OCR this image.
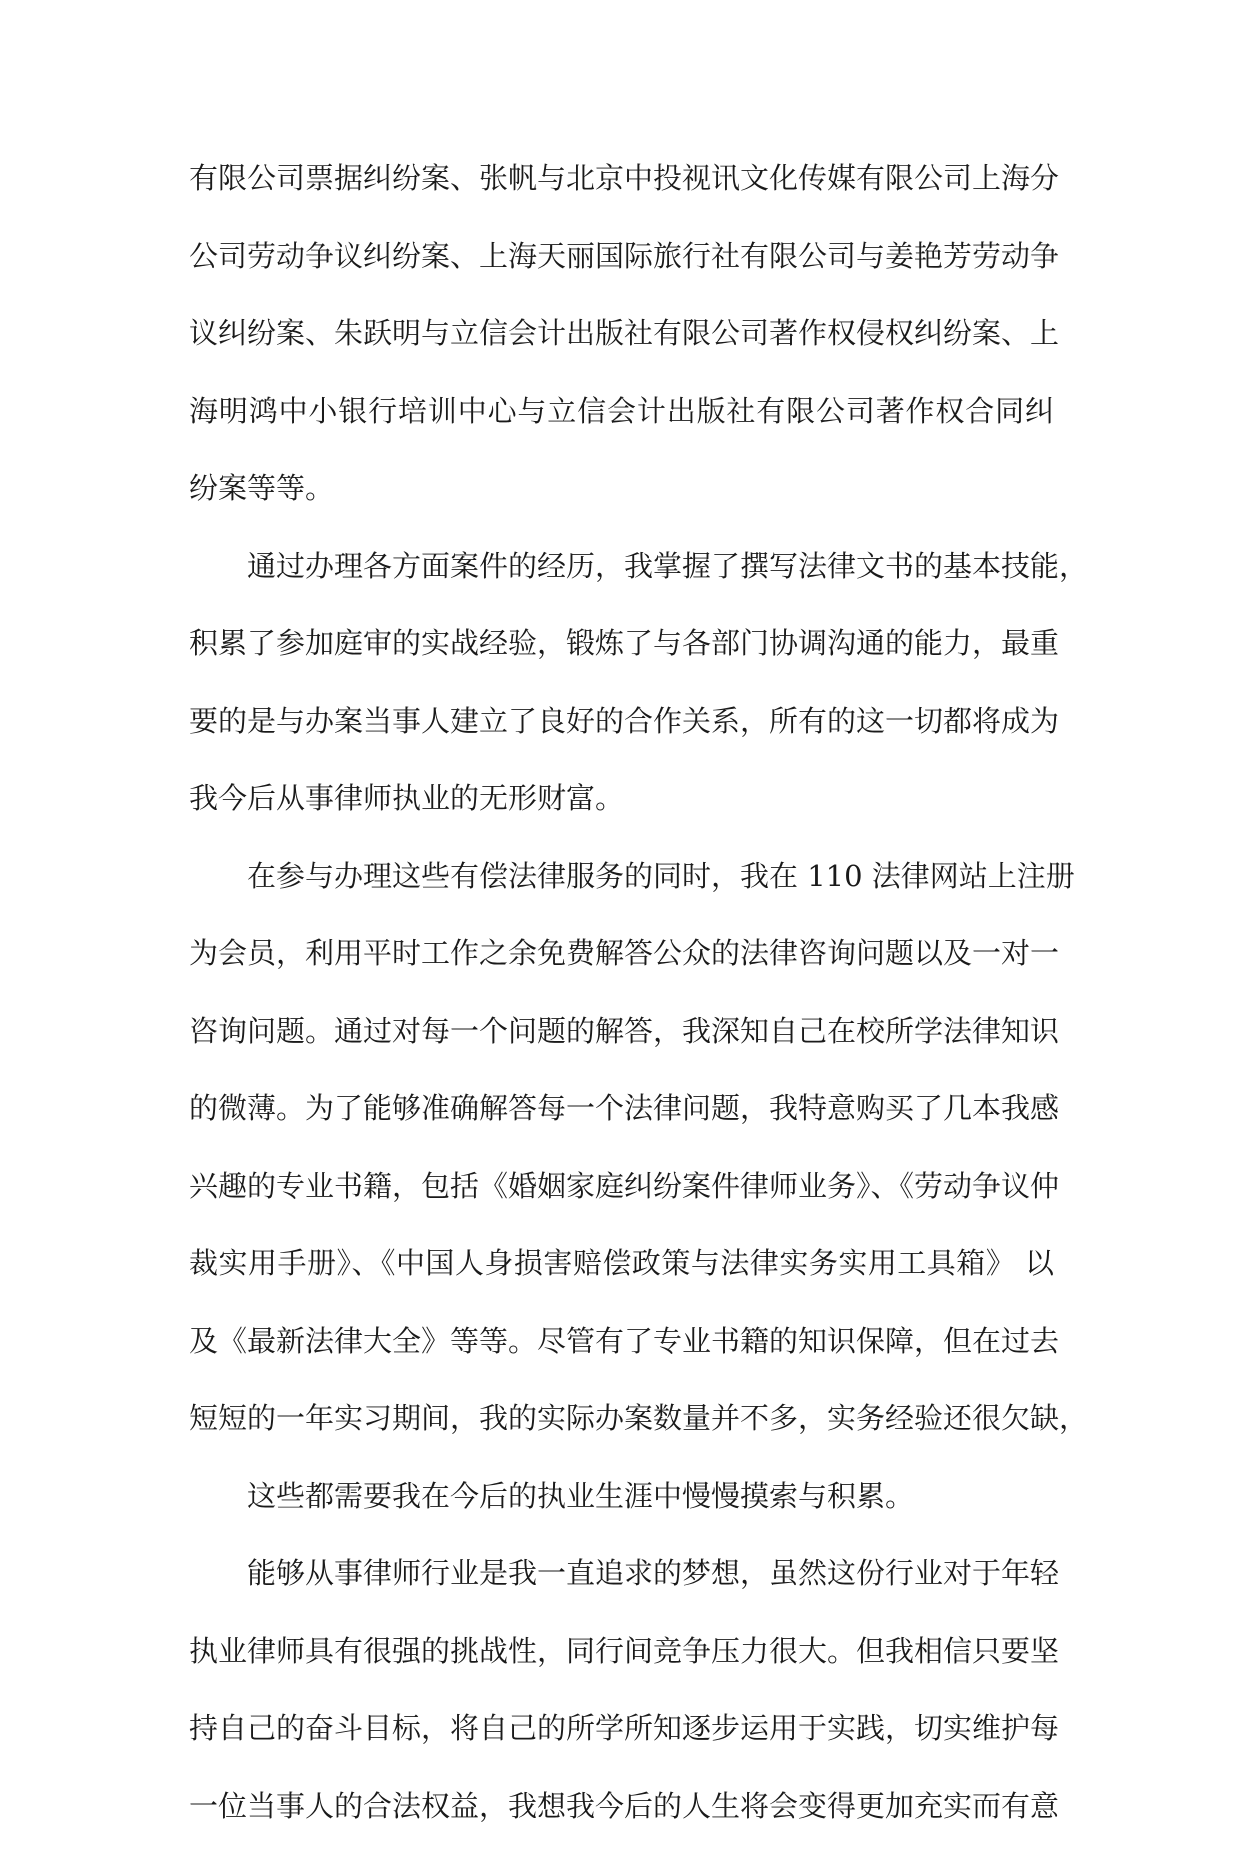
有限公司票据纠纷案、张帆与北京中投视讯文化传媒有限公司上海分
公司劳动争议纠纷案、上海天丽国际旅行社有限公司与姜艳芳劳动争
议纠纷案、朱跃明与立信会计出版社有限公司著作权侵权纠纷案、上
海明鸿中小银行培训中心与立信会计出版社有限公司著作权合同纠
纷案等等。
通过办理各方面案件的经历，我掌握了撰写法律文书的基本技能，
积累了参加庭审的实战经验，锻炼了与各部门协调沟通的能力，最重
要的是与办案当事人建立了良好的合作关系，所有的这一切都将成为
我今后从事律师执业的无形财富。
在参与办理这些有偿法律服务的同时，我在 110 法律网站上注册
为会员，利用平时工作之余免费解答公众的法律咨询问题以及一对一
咨询问题。通过对每一个问题的解答，我深知自己在校所学法律知识
的微薄。为了能够准确解答每一个法律问题，我特意购买了几本我感
兴趣的专业书籍，包括《婚姻家庭纠纷案件律师业务》、《劳动争议仲
裁实用手册》、《中国人身损害赔偿政策与法律实务实用工具箱》 以
及《最新法律大全》等等。尽管有了专业书籍的知识保障，但在过去
短短的一年实习期间，我的实际办案数量并不多，实务经验还很欠缺，
这些都需要我在今后的执业生涯中慢慢摸索与积累。
能够从事律师行业是我一直追求的梦想，虽然这份行业对于年轻
执业律师具有很强的挑战性，同行间竞争压力很大。但我相信只要坚
持自己的奋斗目标，将自己的所学所知逐步运用于实践，切实维护每
一位当事人的合法权益，我想我今后的人生将会变得更加充实而有意
